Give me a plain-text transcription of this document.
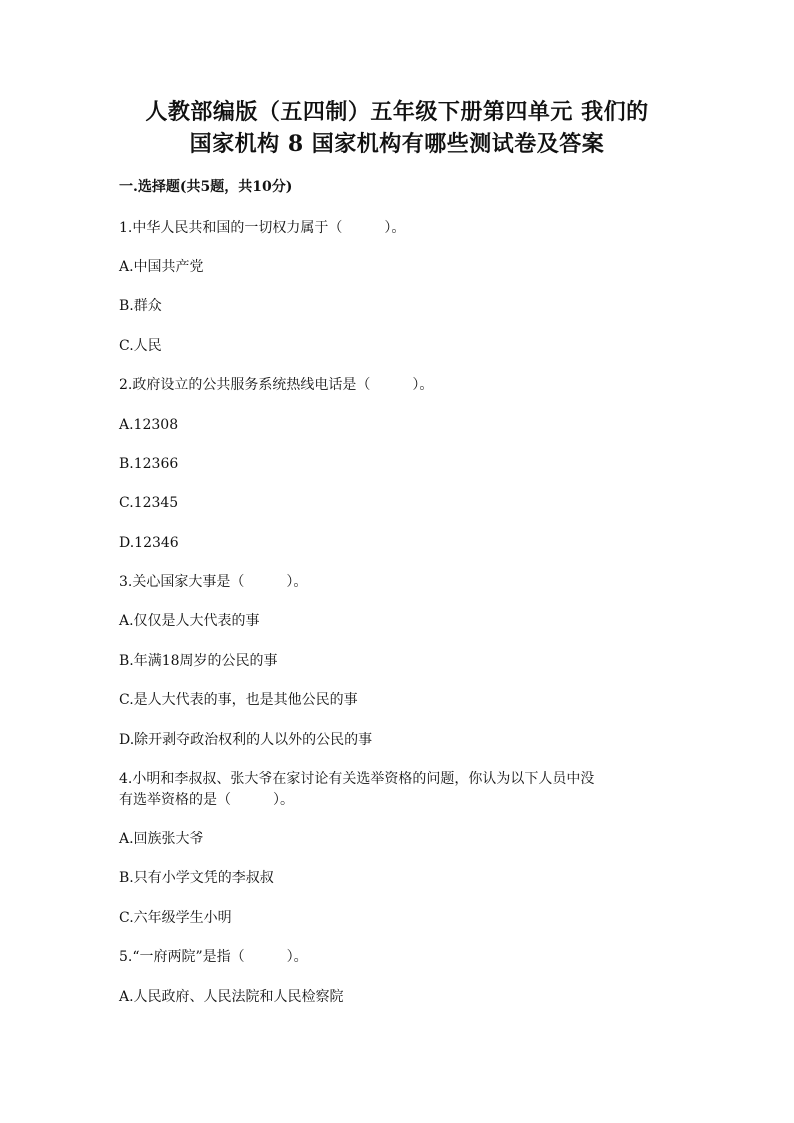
人教部编版（五四制）五年级下册第四单元 我们的
国家机构 8 国家机构有哪些测试卷及答案
一.选择题(共5题，共10分)
1.中华人民共和国的一切权力属于（　　　）。
A.中国共产党
B.群众
C.人民
2.政府设立的公共服务系统热线电话是（　　　）。
A.12308
B.12366
C.12345
D.12346
3.关心国家大事是（　　　）。
A.仅仅是人大代表的事
B.年满18周岁的公民的事
C.是人大代表的事，也是其他公民的事
D.除开剥夺政治权利的人以外的公民的事
4.小明和李叔叔、张大爷在家讨论有关选举资格的问题，你认为以下人员中没
有选举资格的是（　　　）。
A.回族张大爷
B.只有小学文凭的李叔叔
C.六年级学生小明
5.“一府两院”是指（　　　）。
A.人民政府、人民法院和人民检察院
